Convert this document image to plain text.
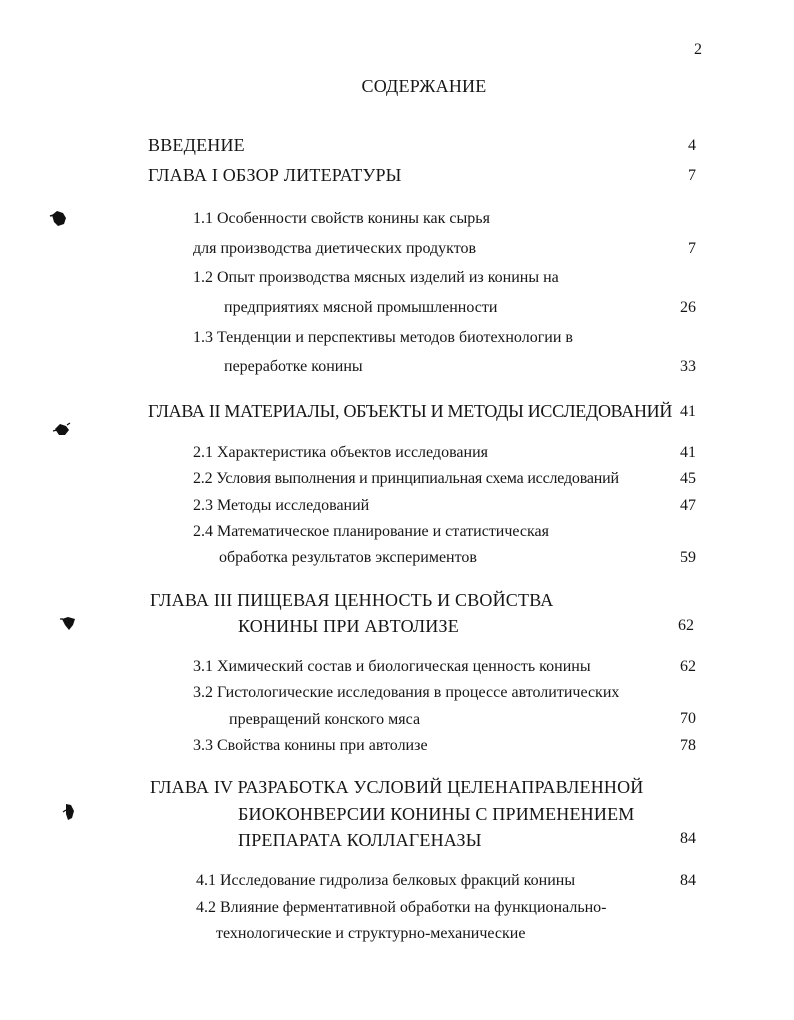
2
СОДЕРЖАНИЕ
ВВЕДЕНИЕ	4
ГЛАВА I ОБЗОР ЛИТЕРАТУРЫ	7
1.1 Особенности свойств конины как сырья
для производства диетических продуктов	7
1.2 Опыт производства мясных изделий из конины на
предприятиях мясной промышленности	26
1.3 Тенденции и перспективы методов биотехнологии в
переработке конины	33
ГЛАВА II МАТЕРИАЛЫ, ОБЪЕКТЫ И МЕТОДЫ ИССЛЕДОВАНИЙ 41
2.1 Характеристика объектов исследования	41
2.2 Условия выполнения и принципиальная схема исследований	45
2.3 Методы исследований	47
2.4 Математическое планирование и статистическая
обработка результатов экспериментов	59
ГЛАВА III ПИЩЕВАЯ ЦЕННОСТЬ И СВОЙСТВА
КОНИНЫ ПРИ АВТОЛИЗЕ	62
3.1 Химический состав и биологическая ценность конины	62
3.2 Гистологические исследования в процессе автолитических
превращений конского мяса	70
3.3 Свойства конины при автолизе	78
ГЛАВА IV РАЗРАБОТКА УСЛОВИЙ ЦЕЛЕНАПРАВЛЕННОЙ
БИОКОНВЕРСИИ КОНИНЫ С ПРИМЕНЕНИЕМ
ПРЕПАРАТА КОЛЛАГЕНАЗЫ	84
4.1 Исследование гидролиза белковых фракций конины	84
4.2 Влияние ферментативной обработки на функционально-
технологические и структурно-механические
